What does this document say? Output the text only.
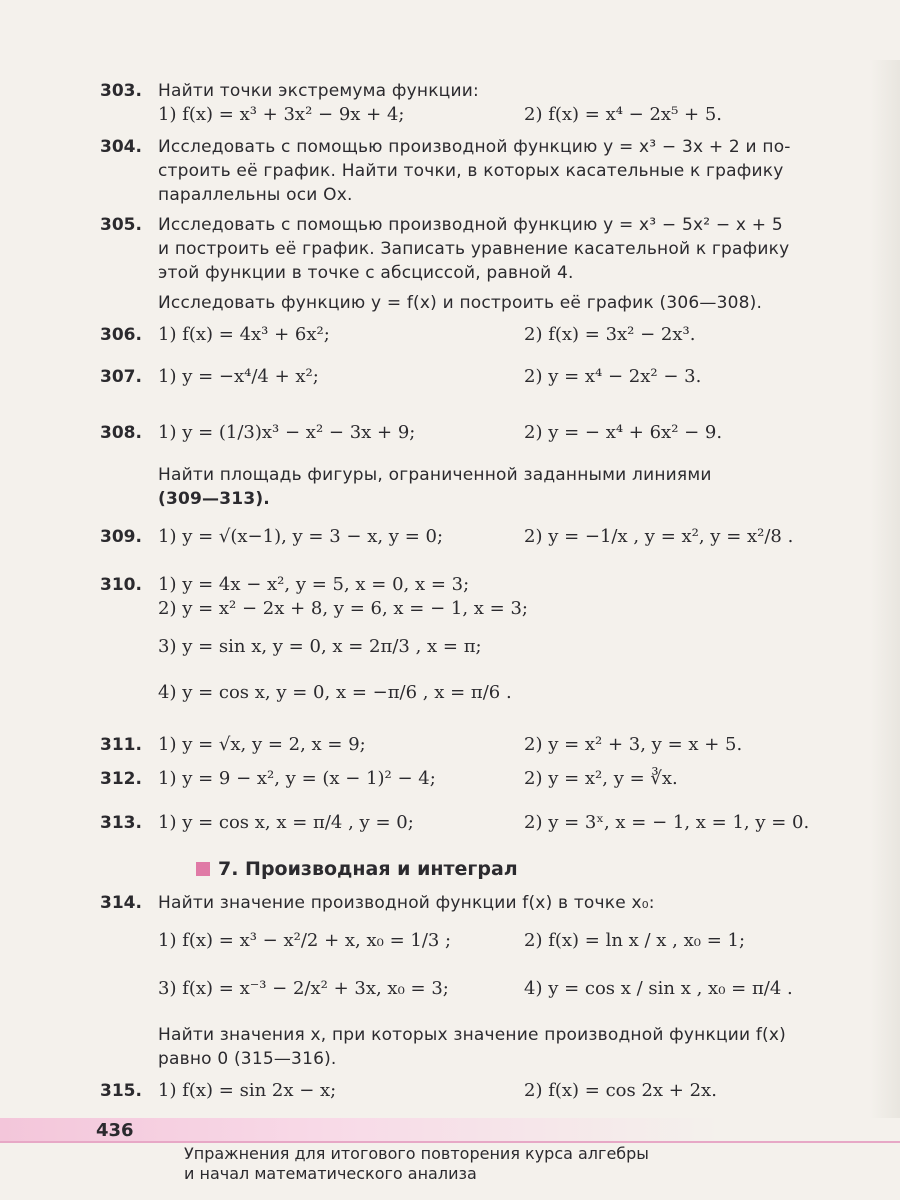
303. Найти точки экстремума функции:
1) f(x) = x³ + 3x² − 9x + 4;	2) f(x) = x⁴ − 2x⁵ + 5.
304. Исследовать с помощью производной функцию y = x³ − 3x + 2 и по-
строить её график. Найти точки, в которых касательные к графику
параллельны оси Ox.
305. Исследовать с помощью производной функцию y = x³ − 5x² − x + 5
и построить её график. Записать уравнение касательной к графику
этой функции в точке с абсциссой, равной 4.
Исследовать функцию y = f(x) и построить её график (306—308).
306. 1) f(x) = 4x³ + 6x²;	2) f(x) = 3x² − 2x³.
307. 1) y = −x⁴/4 + x²;	2) y = x⁴ − 2x² − 3.
308. 1) y = (1/3)x³ − x² − 3x + 9;	2) y = − x⁴ + 6x² − 9.
Найти площадь фигуры, ограниченной заданными линиями
(309—313).
309. 1) y = √(x−1), y = 3 − x, y = 0;	2) y = −1/x , y = x², y = x²/8 .
310. 1) y = 4x − x², y = 5, x = 0, x = 3;
2) y = x² − 2x + 8, y = 6, x = − 1, x = 3;
3) y = sin x, y = 0, x = 2π/3 , x = π;
4) y = cos x, y = 0, x = −π/6 , x = π/6 .
311. 1) y = √x, y = 2, x = 9;	2) y = x² + 3, y = x + 5.
312. 1) y = 9 − x², y = (x − 1)² − 4;	2) y = x², y = ∛x.
313. 1) y = cos x, x = π/4 , y = 0;	2) y = 3ˣ, x = − 1, x = 1, y = 0.
314. Найти значение производной функции f(x) в точке x₀:
1) f(x) = x³ − x²/2 + x, x₀ = 1/3 ;	2) f(x) = ln x / x , x₀ = 1;
3) f(x) = x⁻³ − 2/x² + 3x, x₀ = 3;	4) y = cos x / sin x , x₀ = π/4 .
Найти значения x, при которых значение производной функции f(x)
равно 0 (315—316).
315. 1) f(x) = sin 2x − x;	2) f(x) = cos 2x + 2x.
7. Производная и интеграл
436
Упражнения для итогового повторения курса алгебры
и начал математического анализа
